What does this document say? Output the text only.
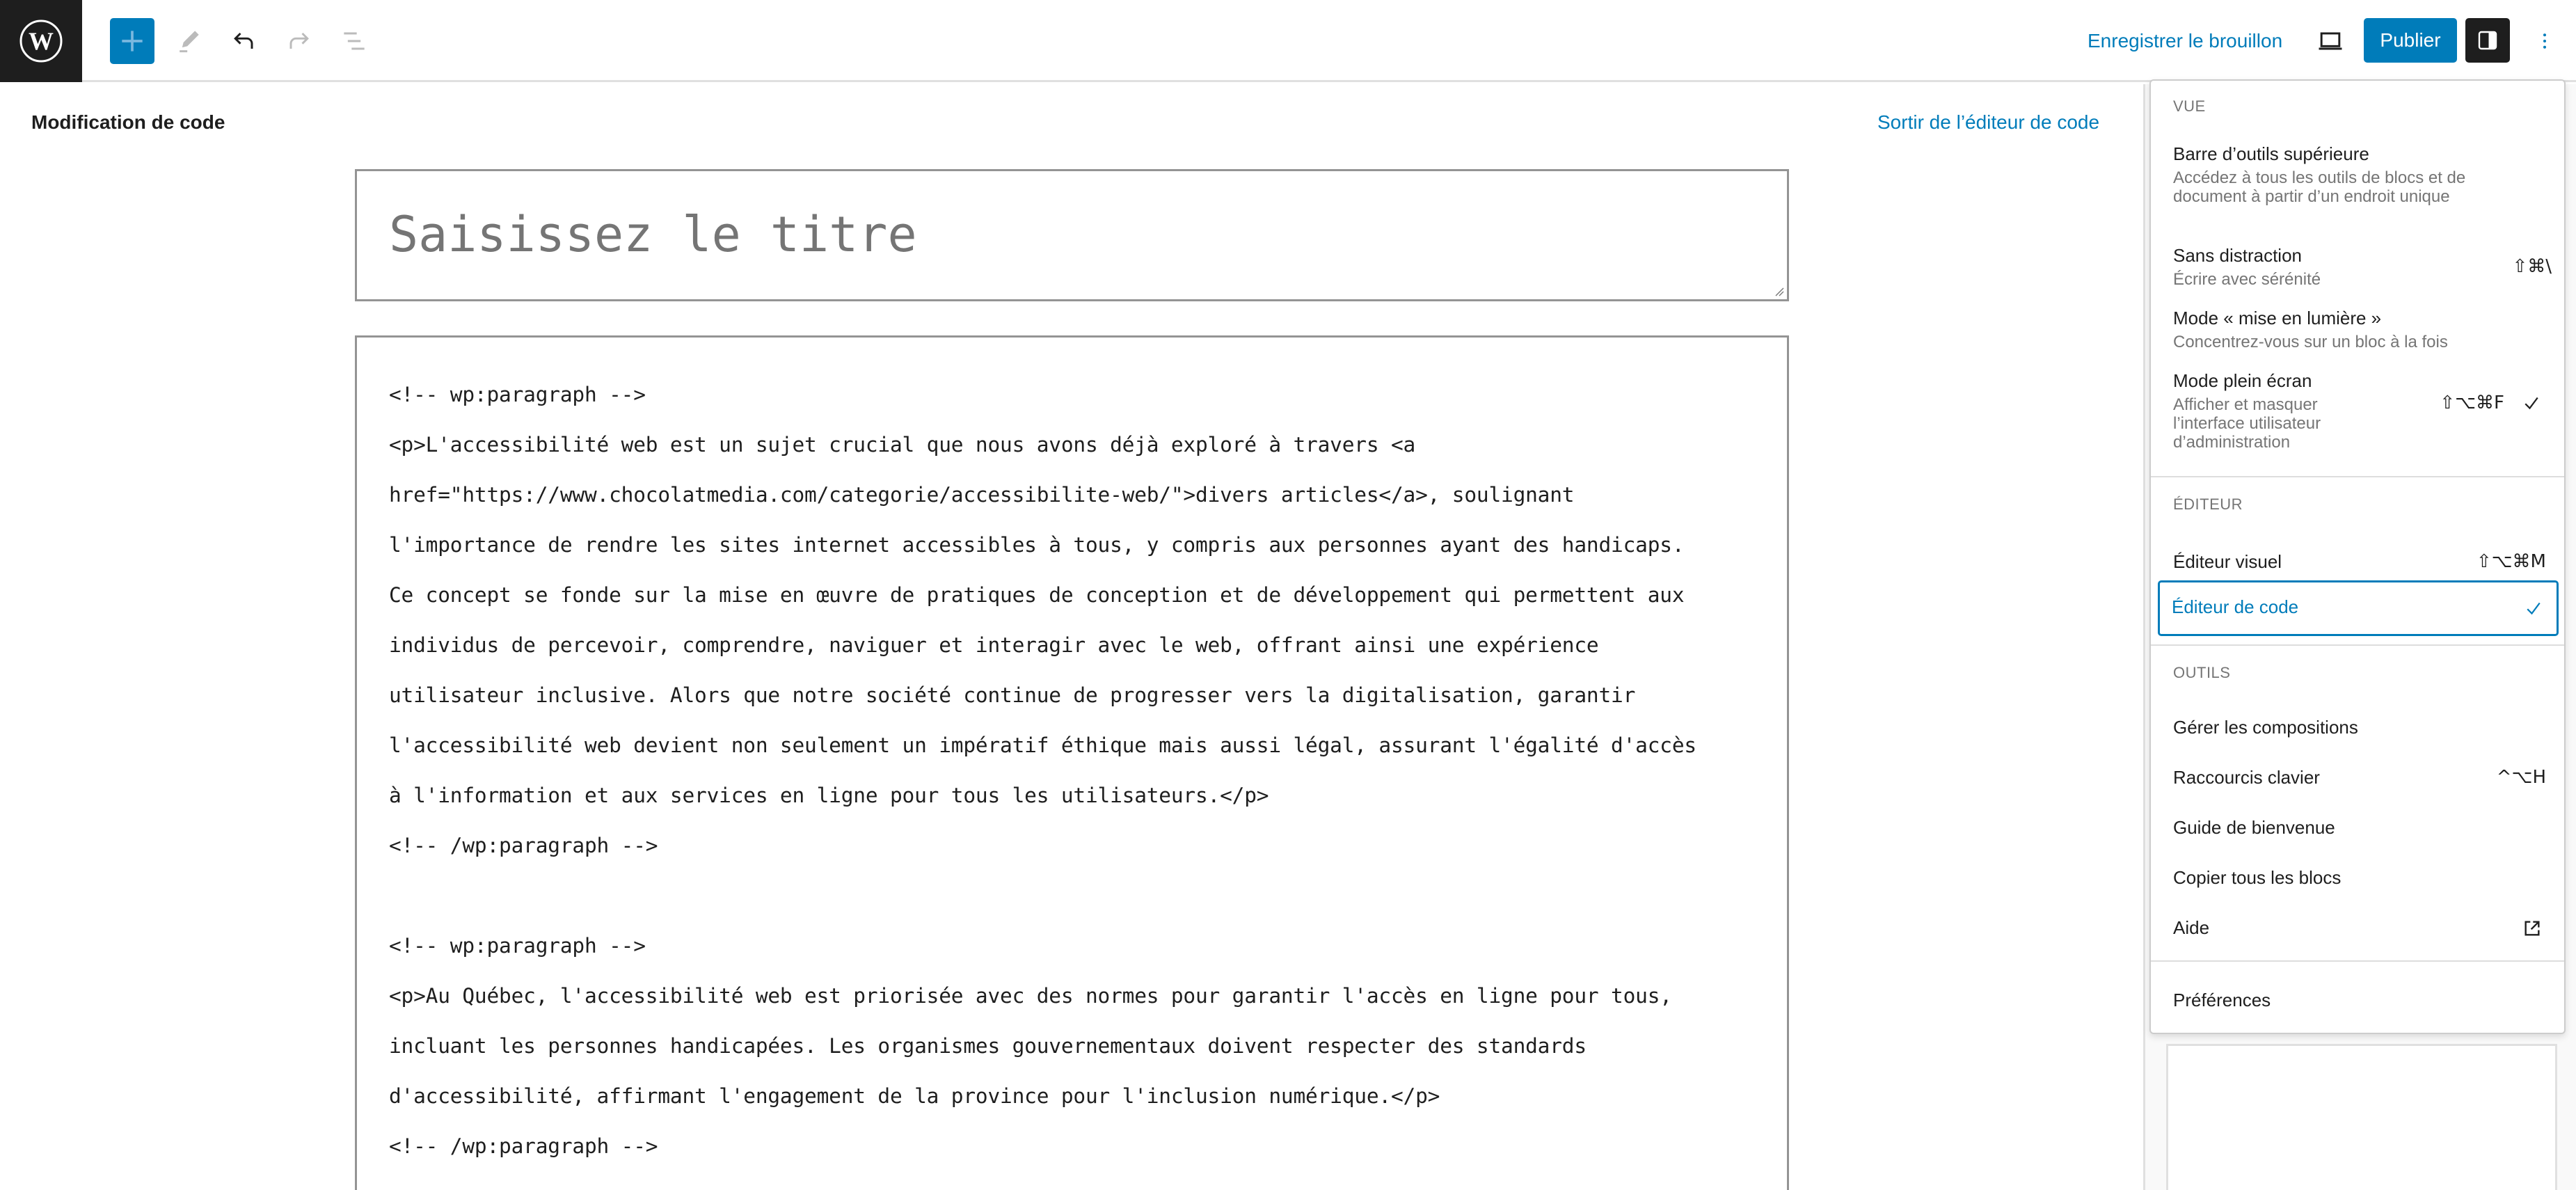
W	Enregistrer le brouillon	Publier
Modification de code	Sortir de l’éditeur de code
Saisissez le titre
<!-- wp:paragraph -->
<p>L'accessibilité web est un sujet crucial que nous avons déjà exploré à travers <a
href="https://www.chocolatmedia.com/categorie/accessibilite-web/">divers articles</a>, soulignant
l'importance de rendre les sites internet accessibles à tous, y compris aux personnes ayant des handicaps.
Ce concept se fonde sur la mise en œuvre de pratiques de conception et de développement qui permettent aux
individus de percevoir, comprendre, naviguer et interagir avec le web, offrant ainsi une expérience
utilisateur inclusive. Alors que notre société continue de progresser vers la digitalisation, garantir
l'accessibilité web devient non seulement un impératif éthique mais aussi légal, assurant l'égalité d'accès
à l'information et aux services en ligne pour tous les utilisateurs.</p>
<!-- /wp:paragraph -->
<!-- wp:paragraph -->
<p>Au Québec, l'accessibilité web est priorisée avec des normes pour garantir l'accès en ligne pour tous,
incluant les personnes handicapées. Les organismes gouvernementaux doivent respecter des standards
d'accessibilité, affirmant l'engagement de la province pour l'inclusion numérique.</p>
<!-- /wp:paragraph -->
VUE
Barre d’outils supérieure
Accédez à tous les outils de blocs et de document à partir d’un endroit unique
Sans distraction
Écrire avec sérénité
⇧⌘\
Mode « mise en lumière »
Concentrez-vous sur un bloc à la fois
Mode plein écran
Afficher et masquer l’interface utilisateur d’administration
⇧⌥⌘F
ÉDITEUR
Éditeur visuel	⇧⌥⌘M
Éditeur de code
OUTILS
Gérer les compositions
Raccourcis clavier	^⌥H
Guide de bienvenue
Copier tous les blocs
Aide
Préférences
